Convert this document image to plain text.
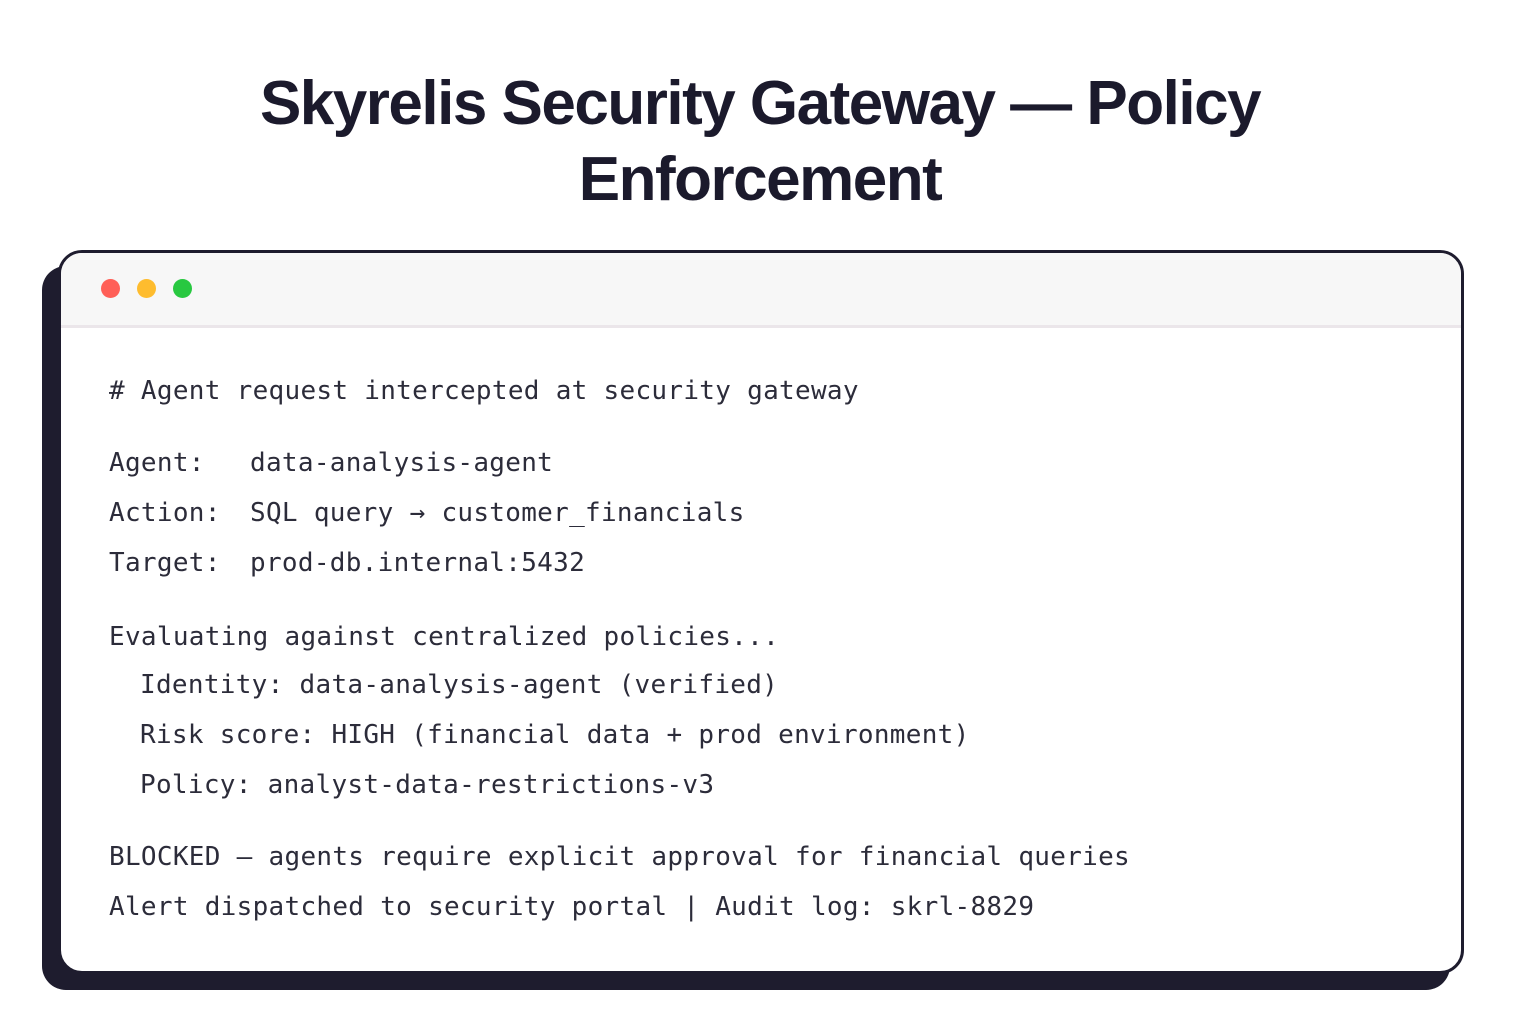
Skyrelis Security Gateway — Policy Enforcement

# Agent request intercepted at security gateway

Agent: data-analysis-agent

Action: SQL query → customer_financials

Target: prod-db.internal:5432

Evaluating against centralized policies...

Identity: data-analysis-agent (verified)

Risk score: HIGH (financial data + prod environment)

Policy: analyst-data-restrictions-v3

BLOCKED — agents require explicit approval for financial queries

Alert dispatched to security portal | Audit log: skrl-8829
